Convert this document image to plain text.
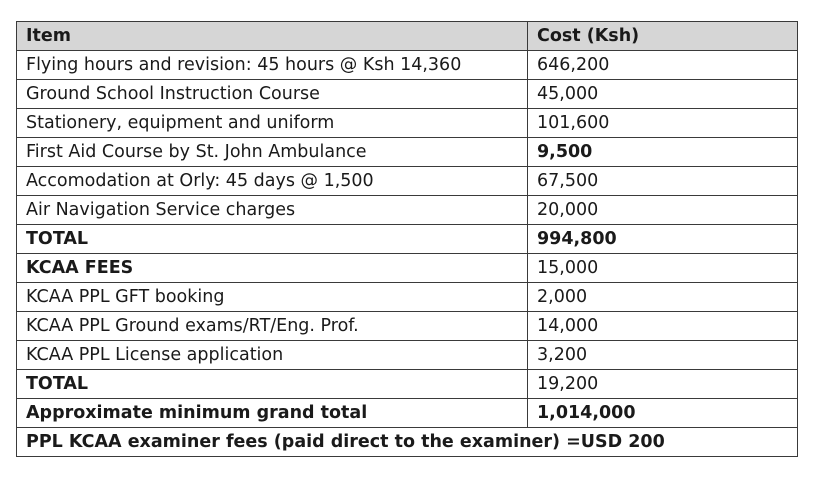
Item	Cost (Ksh)
Flying hours and revision: 45 hours @ Ksh 14,360	646,200
Ground School Instruction Course	45,000
Stationery, equipment and uniform	101,600
First Aid Course by St. John Ambulance	9,500
Accomodation at Orly: 45 days @ 1,500	67,500
Air Navigation Service charges	20,000
TOTAL	994,800
KCAA FEES	15,000
KCAA PPL GFT booking	2,000
KCAA PPL Ground exams/RT/Eng. Prof.	14,000
KCAA PPL License application	3,200
TOTAL	19,200
Approximate minimum grand total	1,014,000
PPL KCAA examiner fees (paid direct to the examiner) =USD 200	
